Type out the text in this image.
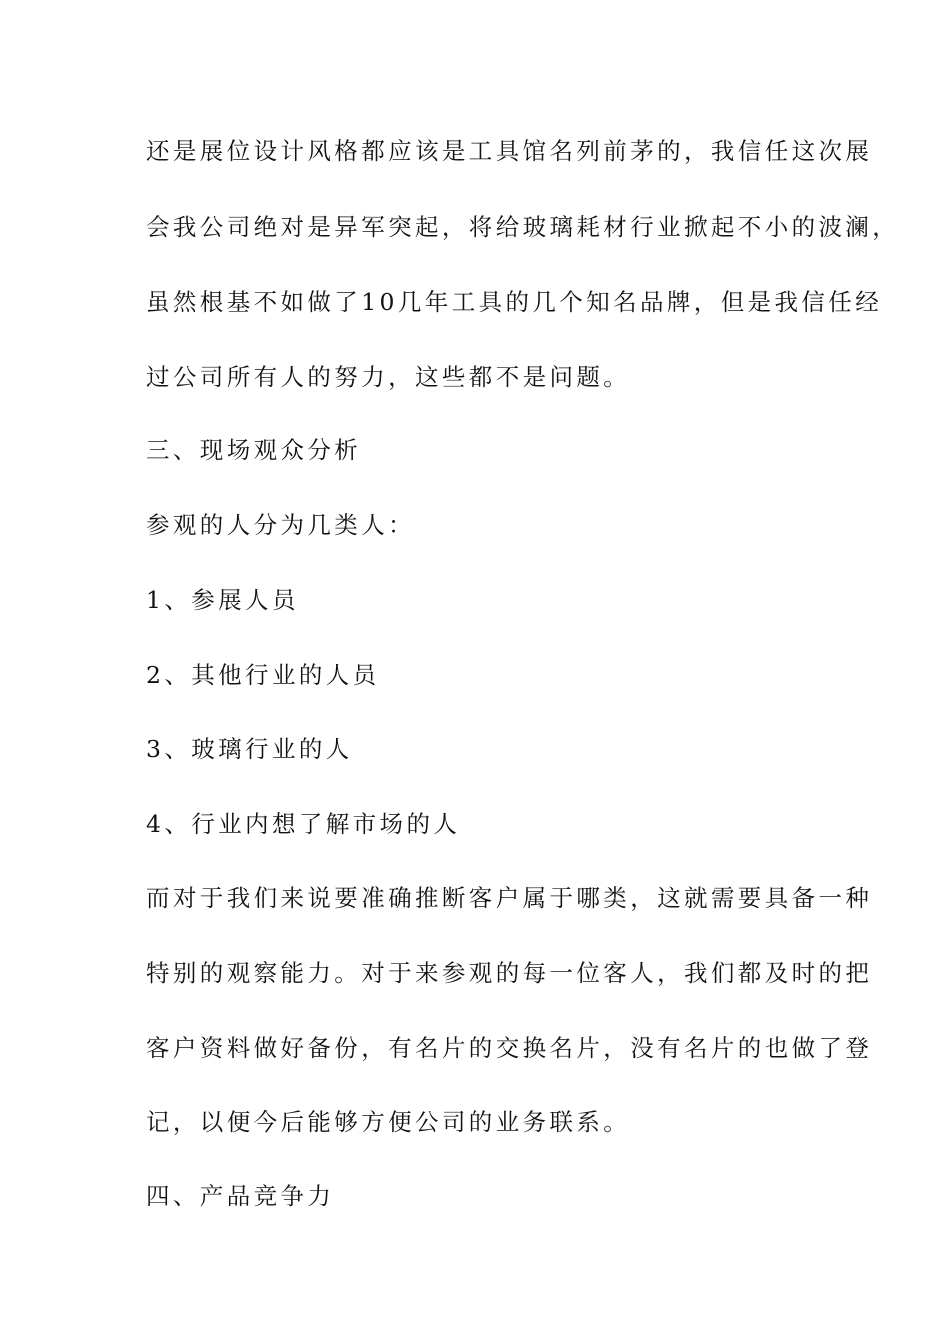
还是展位设计风格都应该是工具馆名列前茅的，我信任这次展
会我公司绝对是异军突起，将给玻璃耗材行业掀起不小的波澜，
虽然根基不如做了10几年工具的几个知名品牌，但是我信任经
过公司所有人的努力，这些都不是问题。
三、现场观众分析
参观的人分为几类人：
1、参展人员
2、其他行业的人员
3、玻璃行业的人
4、行业内想了解市场的人
而对于我们来说要准确推断客户属于哪类，这就需要具备一种
特别的观察能力。对于来参观的每一位客人，我们都及时的把
客户资料做好备份，有名片的交换名片，没有名片的也做了登
记，以便今后能够方便公司的业务联系。
四、产品竞争力
